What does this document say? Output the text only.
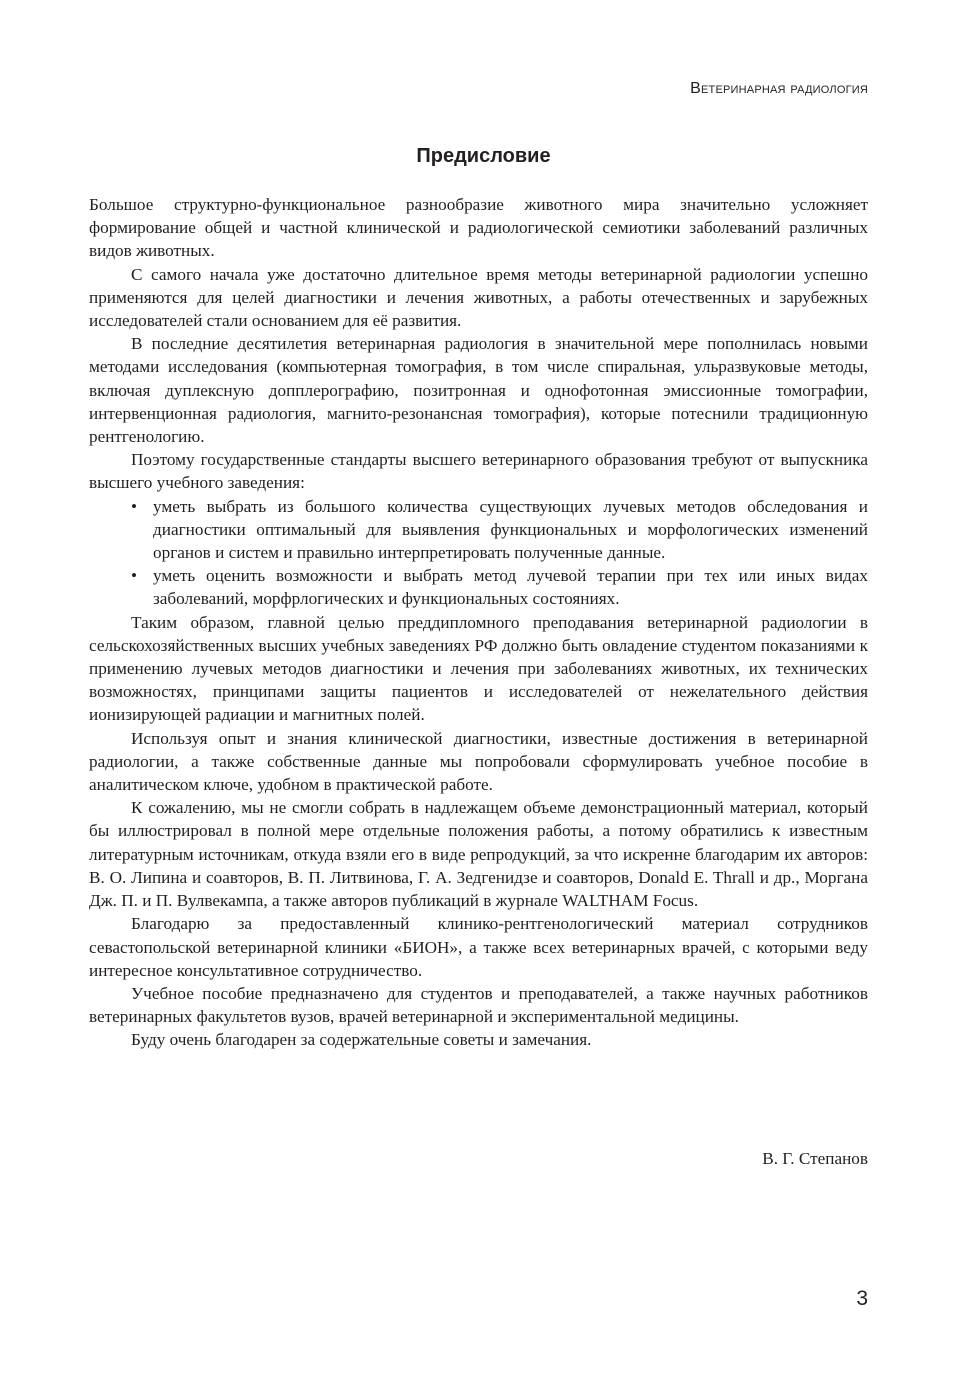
Ветеринарная радиология
Предисловие

Большое структурно-функциональное разнообразие животного мира значительно усложняет формирование общей и частной клинической и радиологической семиотики заболеваний различных видов животных.

С самого начала уже достаточно длительное время методы ветеринарной радиологии успешно применяются для целей диагностики и лечения животных, а работы отечественных и зарубежных исследователей стали основанием для её развития.

В последние десятилетия ветеринарная радиология в значительной мере пополнилась новыми методами исследования (компьютерная томография, в том числе спиральная, ульразвуковые методы, включая дуплексную допплерографию, позитронная и однофотонная эмиссионные томографии, интервенционная радиология, магнито-резонансная томография), которые потеснили традиционную рентгенологию.

Поэтому государственные стандарты высшего ветеринарного образования требуют от выпускника высшего учебного заведения:

• уметь выбрать из большого количества существующих лучевых методов обследования и диагностики оптимальный для выявления функциональных и морфологических изменений органов и систем и правильно интерпретировать полученные данные.
• уметь оценить возможности и выбрать метод лучевой терапии при тех или иных видах заболеваний, морфрлогических и функциональных состояниях.

Таким образом, главной целью преддипломного преподавания ветеринарной радиологии в сельскохозяйственных высших учебных заведениях РФ должно быть овладение студентом показаниями к применению лучевых методов диагностики и лечения при заболеваниях животных, их технических возможностях, принципами защиты пациентов и исследователей от нежелательного действия ионизирующей радиации и магнитных полей.

Используя опыт и знания клинической диагностики, известные достижения в ветеринарной радиологии, а также собственные данные мы попробовали сформулировать учебное пособие в аналитическом ключе, удобном в практической работе.

К сожалению, мы не смогли собрать в надлежащем объеме демонстрационный материал, который бы иллюстрировал в полной мере отдельные положения работы, а потому обратились к известным литературным источникам, откуда взяли его в виде репродукций, за что искренне благодарим их авторов: В. О. Липина и соавторов, В. П. Литвинова, Г. А. Зедгенидзе и соавторов, Donald E. Thrall и др., Моргана Дж. П. и П. Вулвекампа, а также авторов публикаций в журнале WALTHAM Focus.

Благодарю за предоставленный клинико-рентгенологический материал сотрудников севастопольской ветеринарной клиники «БИОН», а также всех ветеринарных врачей, с которыми веду интересное консультативное сотрудничество.

Учебное пособие предназначено для студентов и преподавателей, а также научных работников ветеринарных факультетов вузов, врачей ветеринарной и экспериментальной медицины.

Буду очень благодарен за содержательные советы и замечания.

В. Г. Степанов
3
